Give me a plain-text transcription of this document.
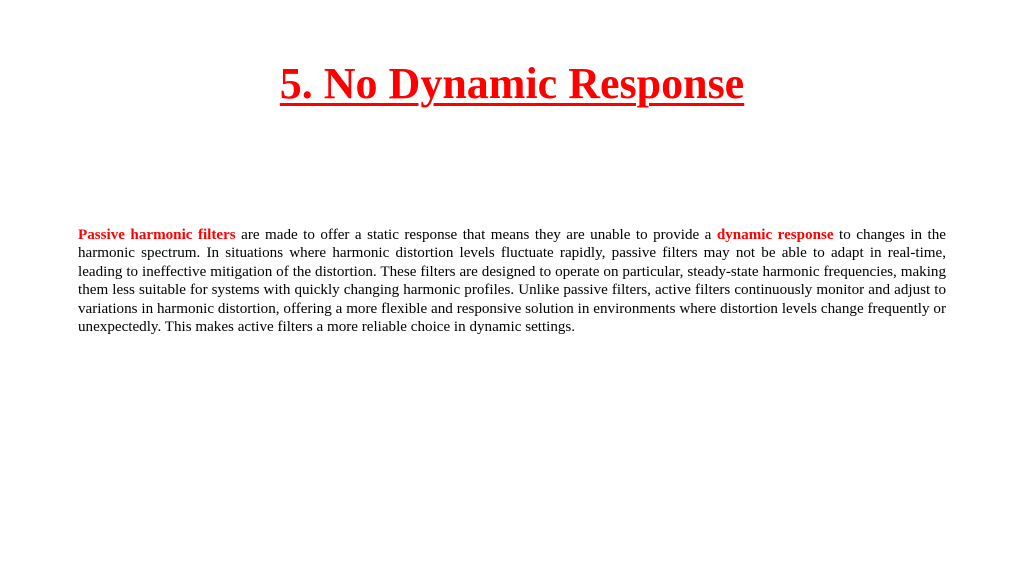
5. No Dynamic Response

Passive harmonic filters are made to offer a static response that means they are unable to provide a dynamic response to changes in the harmonic spectrum. In situations where harmonic distortion levels fluctuate rapidly, passive filters may not be able to adapt in real-time, leading to ineffective mitigation of the distortion. These filters are designed to operate on particular, steady-state harmonic frequencies, making them less suitable for systems with quickly changing harmonic profiles. Unlike passive filters, active filters continuously monitor and adjust to variations in harmonic distortion, offering a more flexible and responsive solution in environments where distortion levels change frequently or unexpectedly. This makes active filters a more reliable choice in dynamic settings.
